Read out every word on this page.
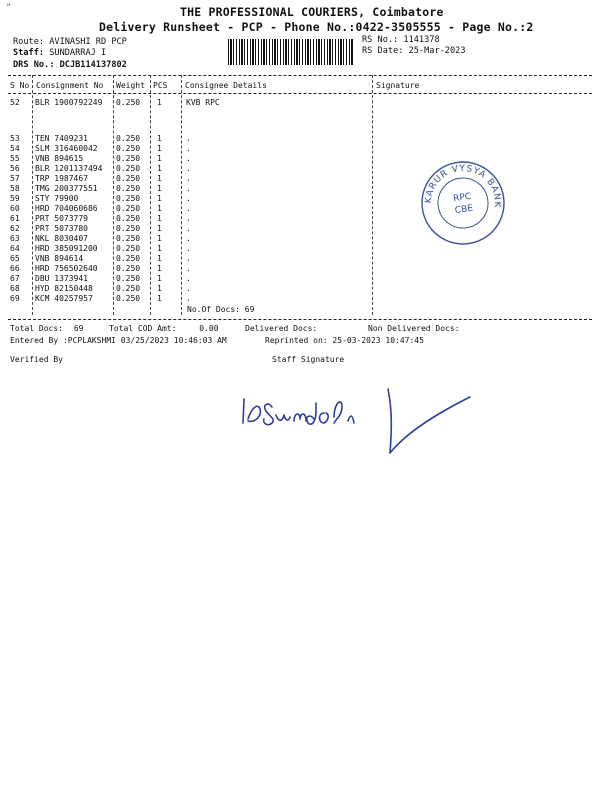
"	THE PROFESSIONAL COURIERS, Coimbatore
Delivery Runsheet - PCP - Phone No.:0422-3505555 - Page No.:2
Route: AVINASHI RD PCP
Staff: SUNDARRAJ I
DRS No.: DCJB114137802
RS No.: 1141378
RS Date: 25-Mar-2023
S No Consignment No Weight PCS Consignee Details	Signature
52 BLR 1900792249 0.250 1	KVB RPC
53 TEN 7409231	0.250 1	.
54 SLM 316460042 0.250 1	.
55 VNB 894615	0.250 1	.
56 BLR 1201137494 0.250 1	.
57 TRP 1987467	0.250 1	.
58 TMG 200377551 0.250 1	.
59 STY 79900	0.250 1	.
60 HRD 704060686 0.250 1	.
61 PRT 5073779	0.250 1	.
62 PRT 5073780	0.250 1	.
63 NKL 8030407	0.250 1	.
64 HRD 385091200 0.250 1	.
65 VNB 894614	0.250 1	.
66 HRD 756502640 0.250 1	.
67 DBU 1373941	0.250 1	.
68 HYD 82150448	0.250 1	.
69 KCM 40257957	0.250 1	.
No.Of Docs: 69
KARUR VYSYA BANK
RPC
CBE
Total Docs: 69	Total COD Amt:	0.00	Delivered Docs:	Non Delivered Docs:
Entered By :PCPLAKSHMI 03/25/2023 10:46:03 AM	Reprinted on: 25-03-2023 10:47:45
Verified By	Staff Signature
